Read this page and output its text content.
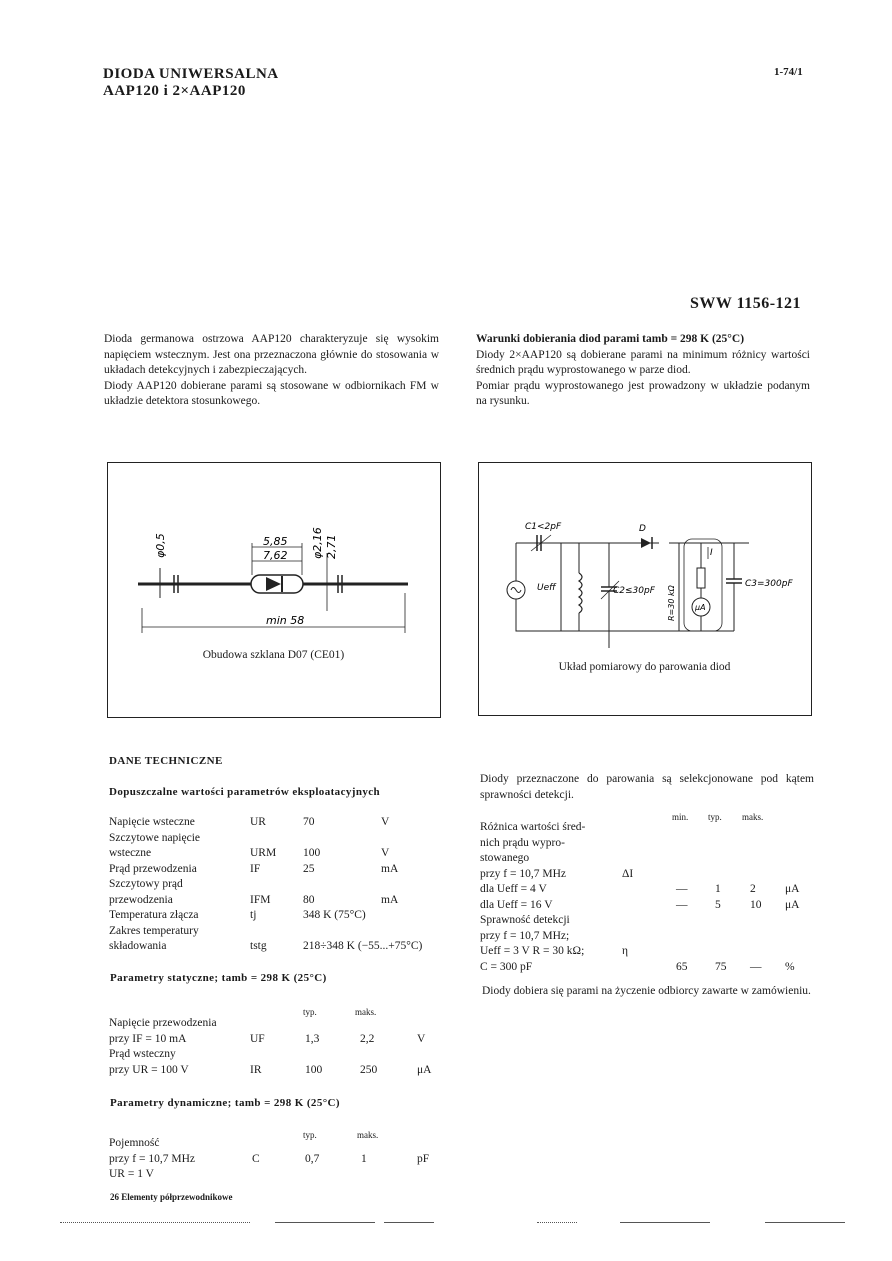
DIODA UNIWERSALNA
AAP120 i 2×AAP120
1-74/1
SWW 1156-121

Dioda germanowa ostrzowa AAP120 charakteryzuje się wysokim napięciem wstecznym. Jest ona przeznaczona głównie do stosowania w układach detekcyjnych i zabezpieczających.

Diody AAP120 dobierane parami są stosowane w odbiornikach FM w układzie detektora stosunkowego.

Warunki dobierania diod parami tamb = 298 K (25°C)

Diody 2×AAP120 są dobierane parami na minimum różnicy wartości średnich prądu wyprostowanego w parze diod.

Pomiar prądu wyprostowanego jest prowadzony w układzie podanym na rysunku.

φ0,5	5,85
7,62 φ2,16 2,71
min 58
Obudowa szklana D07 (CE01)
C1<2pF
Ueff	C2≤30pF
D
I
R=30 kΩ
C3=300pF
μA
Układ pomiarowy do parowania diod
DANE TECHNICZNE
Dopuszczalne wartości parametrów eksploatacyjnych
Napięcie wsteczne	UR	70	V
Szczytowe napięcie
wsteczne	URM 100	V
Prąd przewodzenia	IF	25	mA
Szczytowy prąd
przewodzenia	IFM	80	mA
Temperatura złącza	tj	348 K (75°C)
Zakres temperatury
składowania	tstg	218÷348 K (−55...+75°C)
Parametry statyczne; tamb = 298 K (25°C)
typ.	maks.
Napięcie przewodzenia
przy IF = 10 mA	UF	1,3	2,2	V
Prąd wsteczny
przy UR = 100 V	IR	100	250	μA
Parametry dynamiczne; tamb = 298 K (25°C)
typ.	maks.
Pojemność
przy f = 10,7 MHz	C	0,7	1	pF
UR = 1 V
26 Elementy półprzewodnikowe
Diody przeznaczone do parowania są selekcjonowane pod kątem sprawności detekcji.
min. typ. maks.
Różnica wartości śred-
nich prądu wypro-
stowanego
przy f = 10,7 MHz	ΔI
dla Ueff = 4 V	— 1	2	μA
dla Ueff = 16 V	— 5	10 μA
Sprawność detekcji
przy f = 10,7 MHz;
Ueff = 3 V R = 30 kΩ;	η
C = 300 pF	65 75 — %
Diody dobiera się parami na życzenie odbiorcy zawarte w zamówieniu.
